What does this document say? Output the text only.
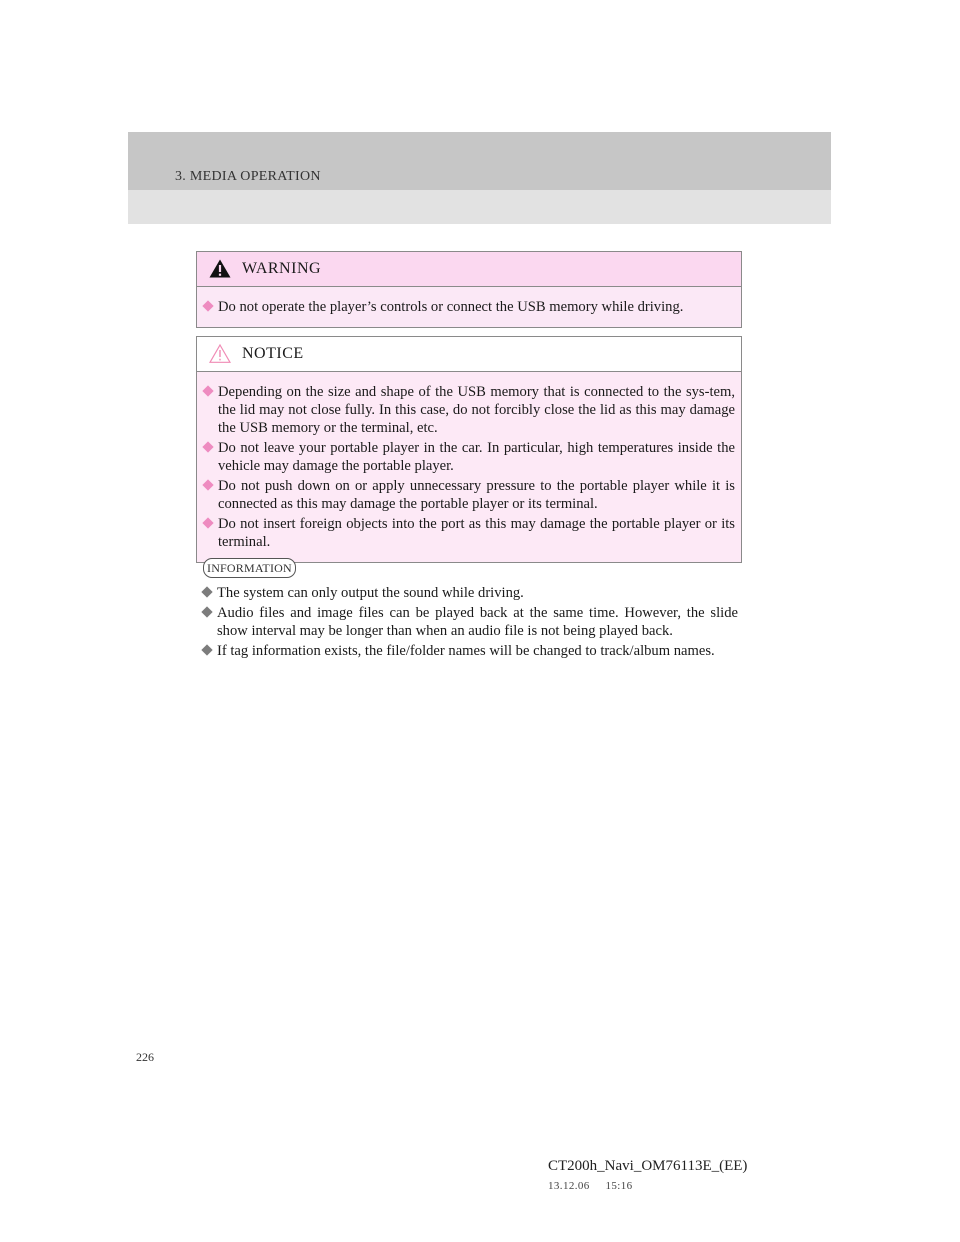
3. MEDIA OPERATION
WARNING
Do not operate the player’s controls or connect the USB memory while driving.
NOTICE
Depending on the size and shape of the USB memory that is connected to the sys-tem, the lid may not close fully. In this case, do not forcibly close the lid as this may damage the USB memory or the terminal, etc.
Do not leave your portable player in the car. In particular, high temperatures inside the vehicle may damage the portable player.
Do not push down on or apply unnecessary pressure to the portable player while it is connected as this may damage the portable player or its terminal.
Do not insert foreign objects into the port as this may damage the portable player or its terminal.
INFORMATION
The system can only output the sound while driving.
Audio files and image files can be played back at the same time. However, the slide show interval may be longer than when an audio file is not being played back.
If tag information exists, the file/folder names will be changed to track/album names.
226
CT200h_Navi_OM76113E_(EE)
13.12.06     15:16
